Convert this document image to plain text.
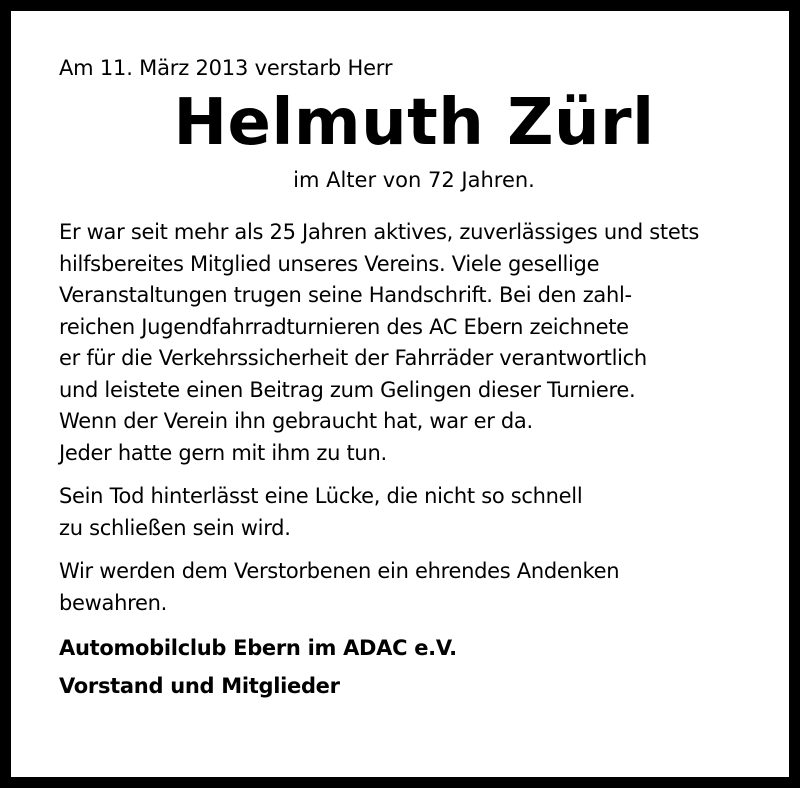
Am 11. März 2013 verstarb Herr

Helmuth Zürl

im Alter von 72 Jahren.

Er war seit mehr als 25 Jahren aktives, zuverlässiges und stets
hilfsbereites Mitglied unseres Vereins. Viele gesellige
Veranstaltungen trugen seine Handschrift. Bei den zahl-
reichen Jugendfahrradturnieren des AC Ebern zeichnete
er für die Verkehrssicherheit der Fahrräder verantwortlich
und leistete einen Beitrag zum Gelingen dieser Turniere.
Wenn der Verein ihn gebraucht hat, war er da.
Jeder hatte gern mit ihm zu tun.

Sein Tod hinterlässt eine Lücke, die nicht so schnell
zu schließen sein wird.

Wir werden dem Verstorbenen ein ehrendes Andenken
bewahren.

Automobilclub Ebern im ADAC e.V.
Vorstand und Mitglieder
